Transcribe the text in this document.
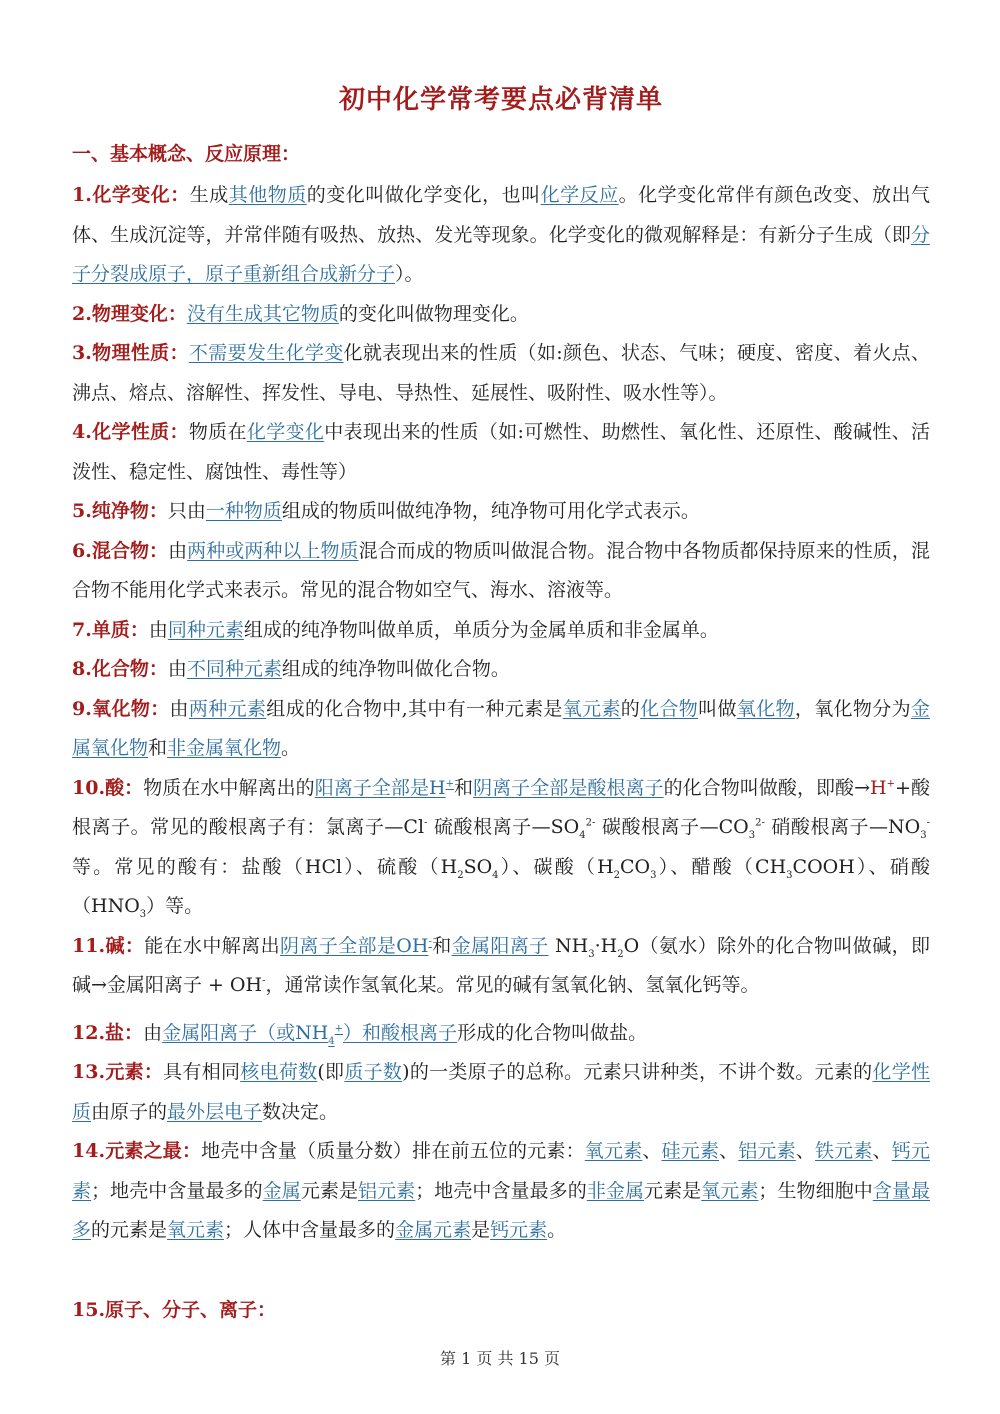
初中化学常考要点必背清单
一、基本概念、反应原理：

1.化学变化：生成其他物质的变化叫做化学变化，也叫化学反应。化学变化常伴有颜色改变、放出气体、生成沉淀等，并常伴随有吸热、放热、发光等现象。化学变化的微观解释是：有新分子生成（即分子分裂成原子，原子重新组合成新分子）。

2.物理变化：没有生成其它物质的变化叫做物理变化。

3.物理性质：不需要发生化学变化就表现出来的性质（如:颜色、状态、气味；硬度、密度、着火点、沸点、熔点、溶解性、挥发性、导电、导热性、延展性、吸附性、吸水性等）。

4.化学性质：物质在化学变化中表现出来的性质（如:可燃性、助燃性、氧化性、还原性、酸碱性、活泼性、稳定性、腐蚀性、毒性等）

5.纯净物：只由一种物质组成的物质叫做纯净物，纯净物可用化学式表示。

6.混合物：由两种或两种以上物质混合而成的物质叫做混合物。混合物中各物质都保持原来的性质，混合物不能用化学式来表示。常见的混合物如空气、海水、溶液等。

7.单质：由同种元素组成的纯净物叫做单质，单质分为金属单质和非金属单。

8.化合物：由不同种元素组成的纯净物叫做化合物。

9.氧化物：由两种元素组成的化合物中,其中有一种元素是氧元素的化合物叫做氧化物，氧化物分为金属氧化物和非金属氧化物。

10.酸：物质在水中解离出的阳离子全部是H+和阴离子全部是酸根离子的化合物叫做酸，即酸→H++酸根离子。常见的酸根离子有：氯离子—Cl- 硫酸根离子$—SO_4^{2-}$ 碳酸根离子$—CO_3^{2-}$ 硝酸根离子$—NO_3^-$等。常见的酸有：盐酸（HCl）、硫酸$(H_2SO_4)$、碳酸$(H_2CO_3)$、醋酸$(CH_3COOH)$、硝酸$(HNO_3)$等。

11.碱：能在水中解离出阴离子全部是OH-和金属阳离子 $NH_3\cdot H_2O$（氨水）除外的化合物叫做碱，即碱→金属阳离子 + OH-，通常读作氢氧化某。常见的碱有氢氧化钠、氢氧化钙等。

12.盐：由金属阳离子（或$NH_4^+$）和酸根离子形成的化合物叫做盐。

13.元素：具有相同核电荷数(即质子数)的一类原子的总称。元素只讲种类，不讲个数。元素的化学性质由原子的最外层电子数决定。

14.元素之最：地壳中含量（质量分数）排在前五位的元素：氧元素、硅元素、铝元素、铁元素、钙元素；地壳中含量最多的金属元素是铝元素；地壳中含量最多的非金属元素是氧元素；生物细胞中含量最多的元素是氧元素；人体中含量最多的金属元素是钙元素。

15.原子、分子、离子：

第 1 页 共 15 页
